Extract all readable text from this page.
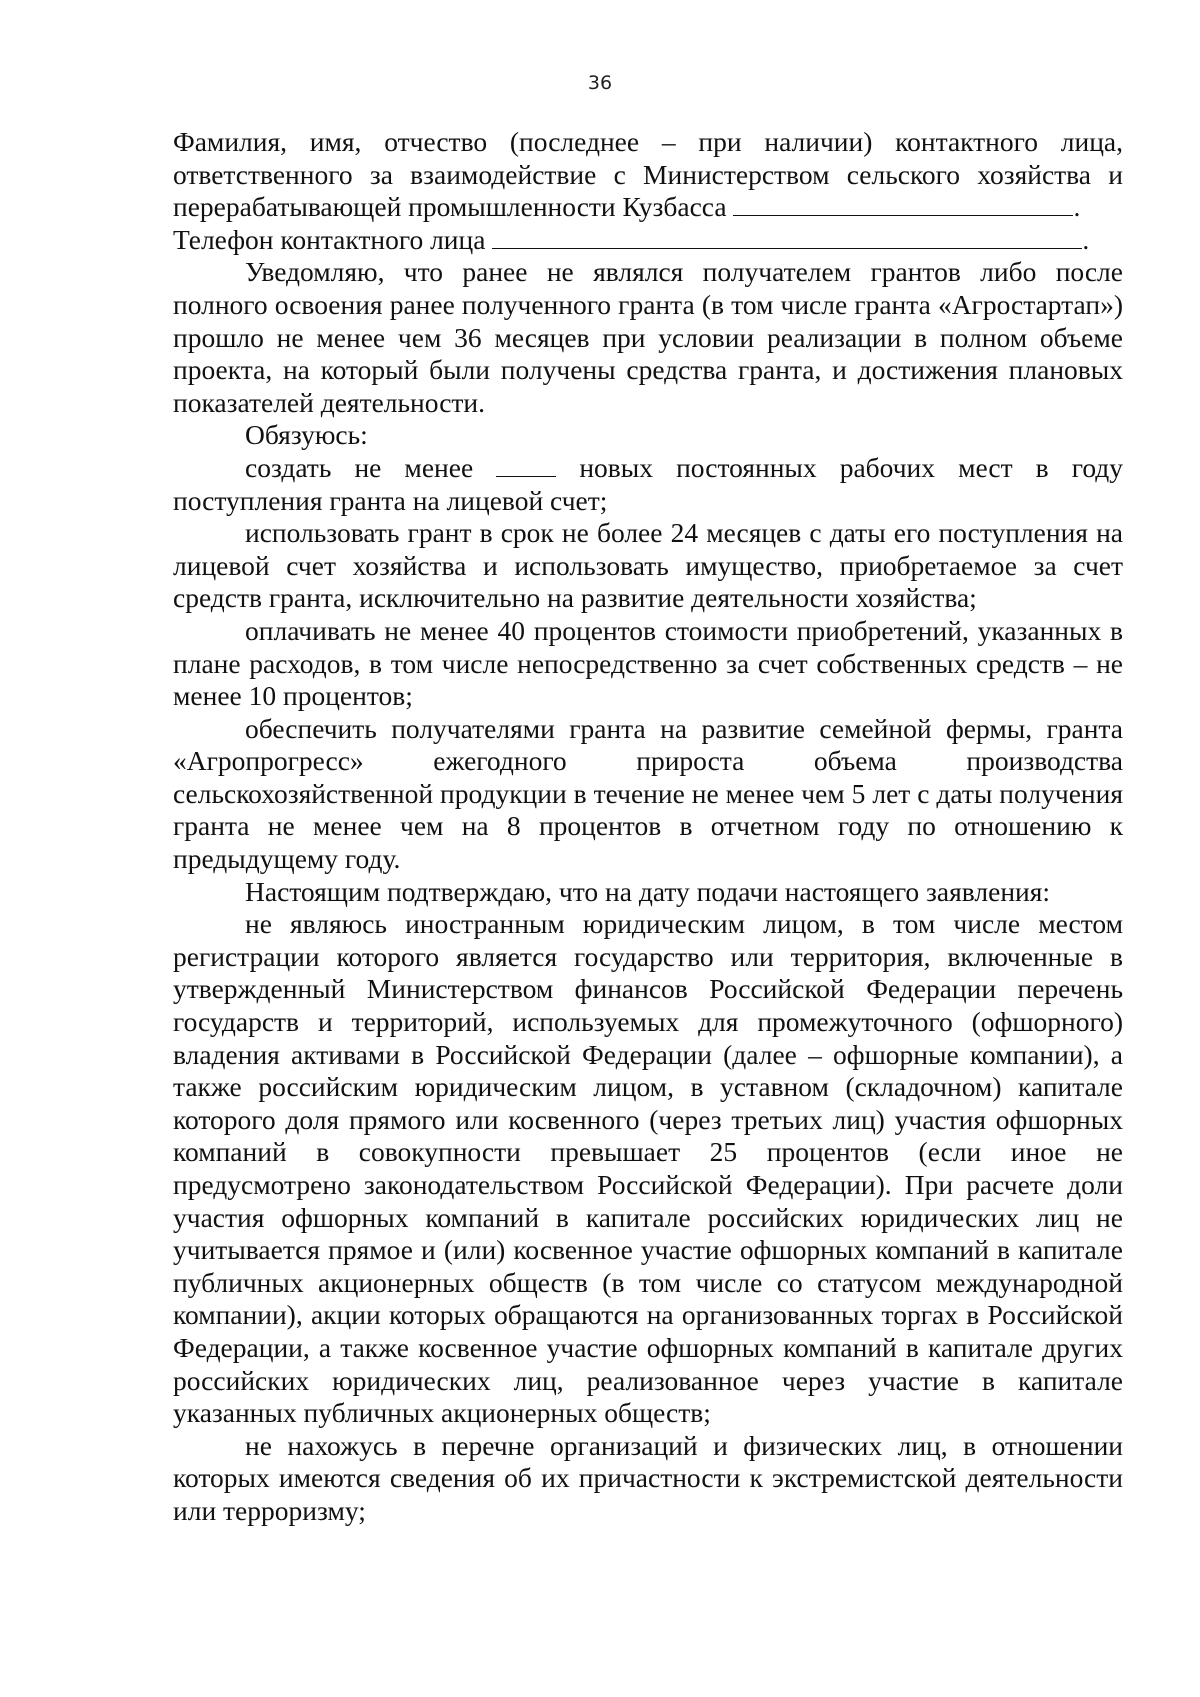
36

Фамилия, имя, отчество (последнее – при наличии) контактного лица, ответственного за взаимодействие с Министерством сельского хозяйства и перерабатывающей промышленности Кузбасса	.

Телефон контактного лица	.

Уведомляю, что ранее не являлся получателем грантов либо после полного освоения ранее полученного гранта (в том числе гранта «Агростартап») прошло не менее чем 36 месяцев при условии реализации в полном объеме проекта, на который были получены средства гранта, и достижения плановых показателей деятельности.

Обязуюсь:

создать не менее	новых постоянных рабочих мест в году поступления гранта на лицевой счет;

использовать грант в срок не более 24 месяцев с даты его поступления на лицевой счет хозяйства и использовать имущество, приобретаемое за счет средств гранта, исключительно на развитие деятельности хозяйства;

оплачивать не менее 40 процентов стоимости приобретений, указанных в плане расходов, в том числе непосредственно за счет собственных средств – не менее 10 процентов;

обеспечить получателями гранта на развитие семейной фермы, гранта «Агропрогресс» ежегодного прироста объема производства сельскохозяйственной продукции в течение не менее чем 5 лет с даты получения гранта не менее чем на 8 процентов в отчетном году по отношению к предыдущему году.

Настоящим подтверждаю, что на дату подачи настоящего заявления:

не являюсь иностранным юридическим лицом, в том числе местом регистрации которого является государство или территория, включенные в утвержденный Министерством финансов Российской Федерации перечень государств и территорий, используемых для промежуточного (офшорного) владения активами в Российской Федерации (далее – офшорные компании), а также российским юридическим лицом, в уставном (складочном) капитале которого доля прямого или косвенного (через третьих лиц) участия офшорных компаний в совокупности превышает 25 процентов (если иное не предусмотрено законодательством Российской Федерации). При расчете доли участия офшорных компаний в капитале российских юридических лиц не учитывается прямое и (или) косвенное участие офшорных компаний в капитале публичных акционерных обществ (в том числе со статусом международной компании), акции которых обращаются на организованных торгах в Российской Федерации, а также косвенное участие офшорных компаний в капитале других российских юридических лиц, реализованное через участие в капитале указанных публичных акционерных обществ;

не нахожусь в перечне организаций и физических лиц, в отношении которых имеются сведения об их причастности к экстремистской деятельности или терроризму;
